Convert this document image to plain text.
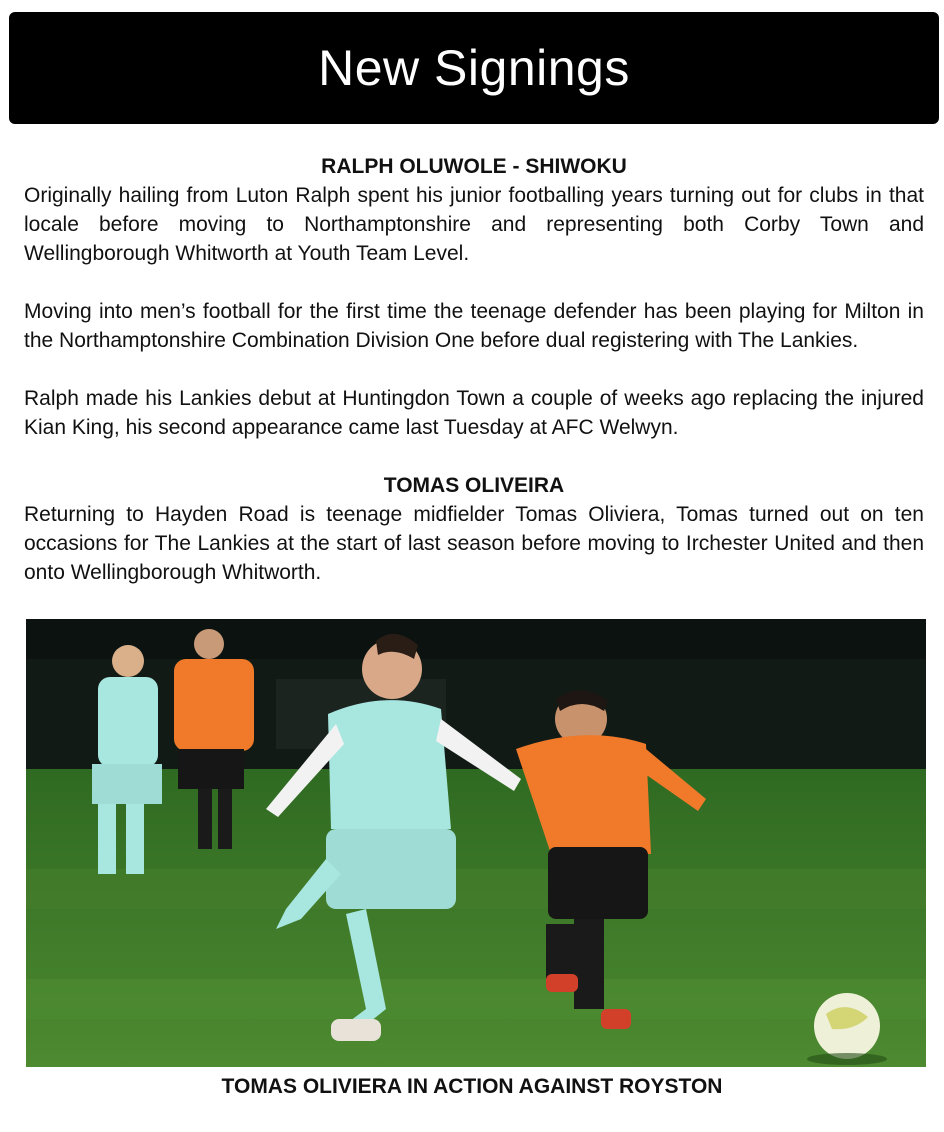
New Signings

RALPH OLUWOLE - SHIWOKU

Originally hailing from Luton Ralph spent his junior footballing years turning out for clubs in that locale before moving to Northamptonshire and representing both Corby Town and Wellingborough Whitworth at Youth Team Level.

Moving into men’s football for the first time the teenage defender has been playing for Milton in the Northamptonshire Combination Division One before dual registering with The Lankies.

Ralph made his Lankies debut at Huntingdon Town a couple of weeks ago replacing the injured Kian King, his second appearance came last Tuesday at AFC Welwyn.

TOMAS OLIVEIRA

Returning to Hayden Road is teenage midfielder Tomas Oliviera, Tomas turned out on ten occasions for The Lankies at the start of last season before moving to Irchester United and then onto Wellingborough Whitworth.

TOMAS OLIVIERA IN ACTION AGAINST ROYSTON
